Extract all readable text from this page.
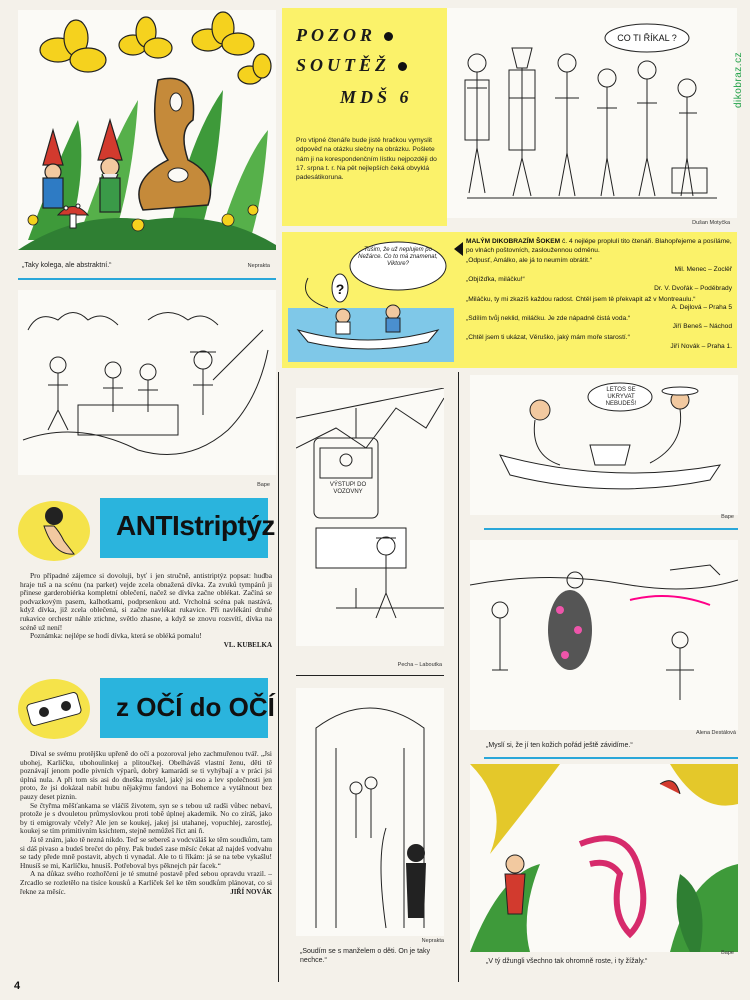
„Taky kolega, ale abstraktní.“	Neprakta
POZOR
SOUTĚŽ
MDŠ 6
Pro vtipné čtenáře bude jistě hračkou vymyslit odpověď na otázku slečny na obrázku. Pošlete nám ji na korespondenčním lístku nejpozději do 17. srpna t. r. Na pět nejlepších čeká obvyklá padesátikoruna.
CO TI ŘÍKAL ?
Dušan Motyčka
dikobraz.cz
?
Tušim, že už nepluјem po Nežárce. Co to má znamenat, Viktore?
MALÝM DIKOBRAZÍM ŠOKEM č. 4 nejlépe proplulí tito čtenáři. Blahopřejeme a posíláme, po vlnách poštovních, zasloužennou odměnu.
„Odpusť, Amálko, ale já to neumím obrátit.“
Mil. Menec – Zoclěř
„Objížďka, miláčku!“
Dr. V. Dvořák – Poděbrady
„Miláčku, ty mi zkazíš každou radost. Chtěl jsem tě překvapit až v Montreaulu.“
A. Dejlová – Praha 5
„Sdílím tvůj neklid, miláčku. Je zde nápadně čistá voda.“
Jiří Beneš – Náchod
„Chtěl jsem ti ukázat, Věruško, jaký mám moře starostí.“
Jiří Novák – Praha 1.
Bape
ANTIstriptýz

Pro případné zájemce si dovoluji, byť i jen stručně, antistriptýz popsat: hudba hraje tuš a na scénu (na parket) vejde zcela obnažená dívka. Za zvuků tympánů ji přinese garderobiérka kompletní oblečení, načež se dívka začne oblékat. Začíná se podvazkovým pasem, kalhotkami, podprsenkou atd. Vrcholná scéna pak nastává, když dívka, již zcela oblečená, si začne navlékat rukavice. Při navlékání druhé rukavice orchestr náhle ztichne, světlo zhasne, a když se znovu rozsvítí, dívka na scéně už není!

Poznámka: nejlépe se hodí dívka, která se obléká pomalu!

VL. KUBELKA
z OČÍ do OČÍ

Díval se svému protějšku upřeně do očí a pozoroval jeho zachmuřenou tvář. „Jsi ubohej, Karlíčku, ubohoulinkej a plitoučkej. Obelháváš vlastní ženu, děti tě poznávají jenom podle pivních výparů, dobrý kamarádi se ti vyhýbají a v práci jsi úplná nula. A při tom sis asi do dneška myslel, jaký jsi eso a lev společnosti jen proto, že jsi dokázal nabít hubu nějakýmu fandovi na Bohemce a vytáhnout bez pauzy deset piznin.

Se čtyřma měšťankama se vláčíš životem, syn se s tebou už radši vůbec nebaví, protože je s dvouletou průmyslovkou proti tobě úplnej akademik. No co zíráš, jako by ti emigrovaly včely? Ale jen se koukej, jakej jsi utahanej, vopuchlej, zarostlej, koukej se tím primitivním ksichtem, stejně nemůžeš říct ani ň.

Já tě znám, jako tě nezná nikdo. Teď se sebereš a vodcváláš ke těm soudkům, tam si dáš pivaso a budeš brečet do pěny. Pak budeš zase měsíc čekat až najdeš vodvahu se tady předе mně postavit, abych ti vynadal. Ale to ti říkám: já se na tebe vykašlu! Hnusíš se mi, Karlíčku, hnusíš. Potřeboval bys pěknejch pár facek.“

A na důkaz svého rozhořčení je té smutné postavě před sebou opravdu vrazil. – Zrcadlo se rozletělo na tisíce kousků a Karlíček šel ke těm soudkům plánovat, co si řekne za měsíc.	JIŘÍ NOVÁK
VÝSTUP! DO VOZOVNY
Pecha – Laboutka
Neprakta
„Soudím se s manželem o děti. On je taky nechce.“
LETOS SE UKRYVAT NEBUDEŠ!
Bape
„Myslí si, že jí ten kožich pořád ještě závidíme.“
Alena Destálová
„V tý džungli všechno tak ohromně roste, i ty žížaly.“
Bape
4
